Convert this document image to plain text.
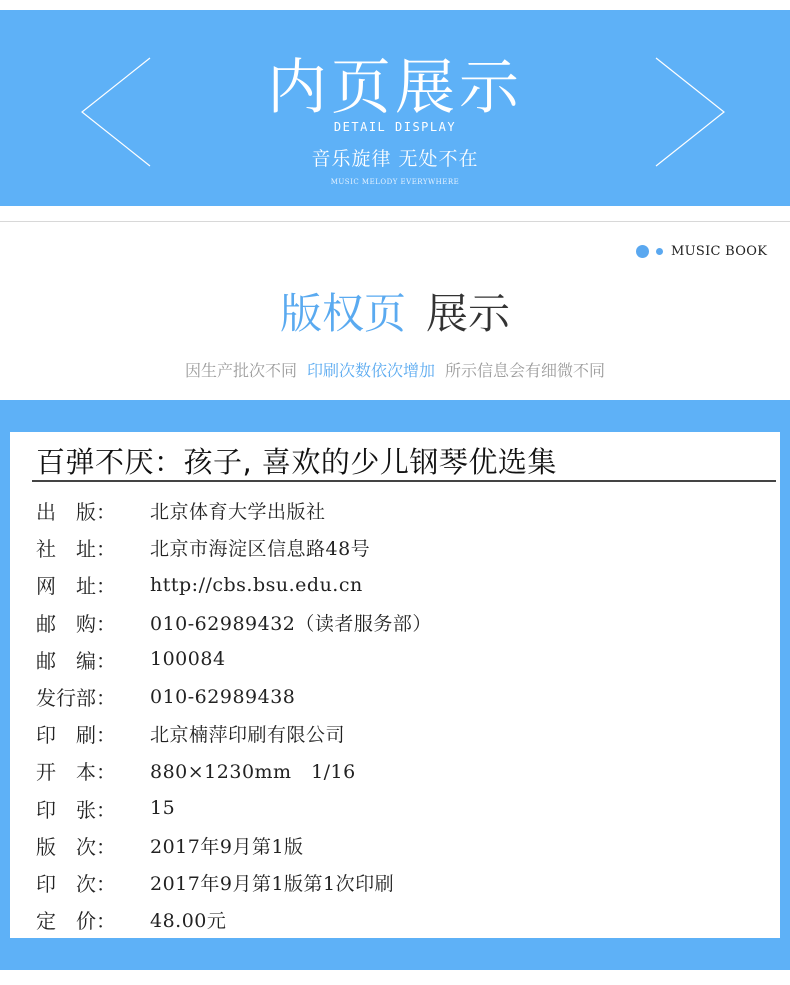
内页展示
DETAIL DISPLAY
音乐旋律 无处不在
MUSIC MELODY EVERYWHERE
MUSIC BOOK
版权页 展示
因生产批次不同 印刷次数依次增加 所示信息会有细微不同
百弹不厌：孩子, 喜欢的少儿钢琴优选集
出　版：	北京体育大学出版社
社　址：	北京市海淀区信息路48号
网　址：	http://cbs.bsu.edu.cn
邮　购：	010-62989432（读者服务部）
邮　编：	100084
发行部：	010-62989438
印　刷：	北京楠萍印刷有限公司
开　本：	880×1230mm　1/16
印　张：	15
版　次：	2017年9月第1版
印　次：	2017年9月第1版第1次印刷
定　价：	48.00元
